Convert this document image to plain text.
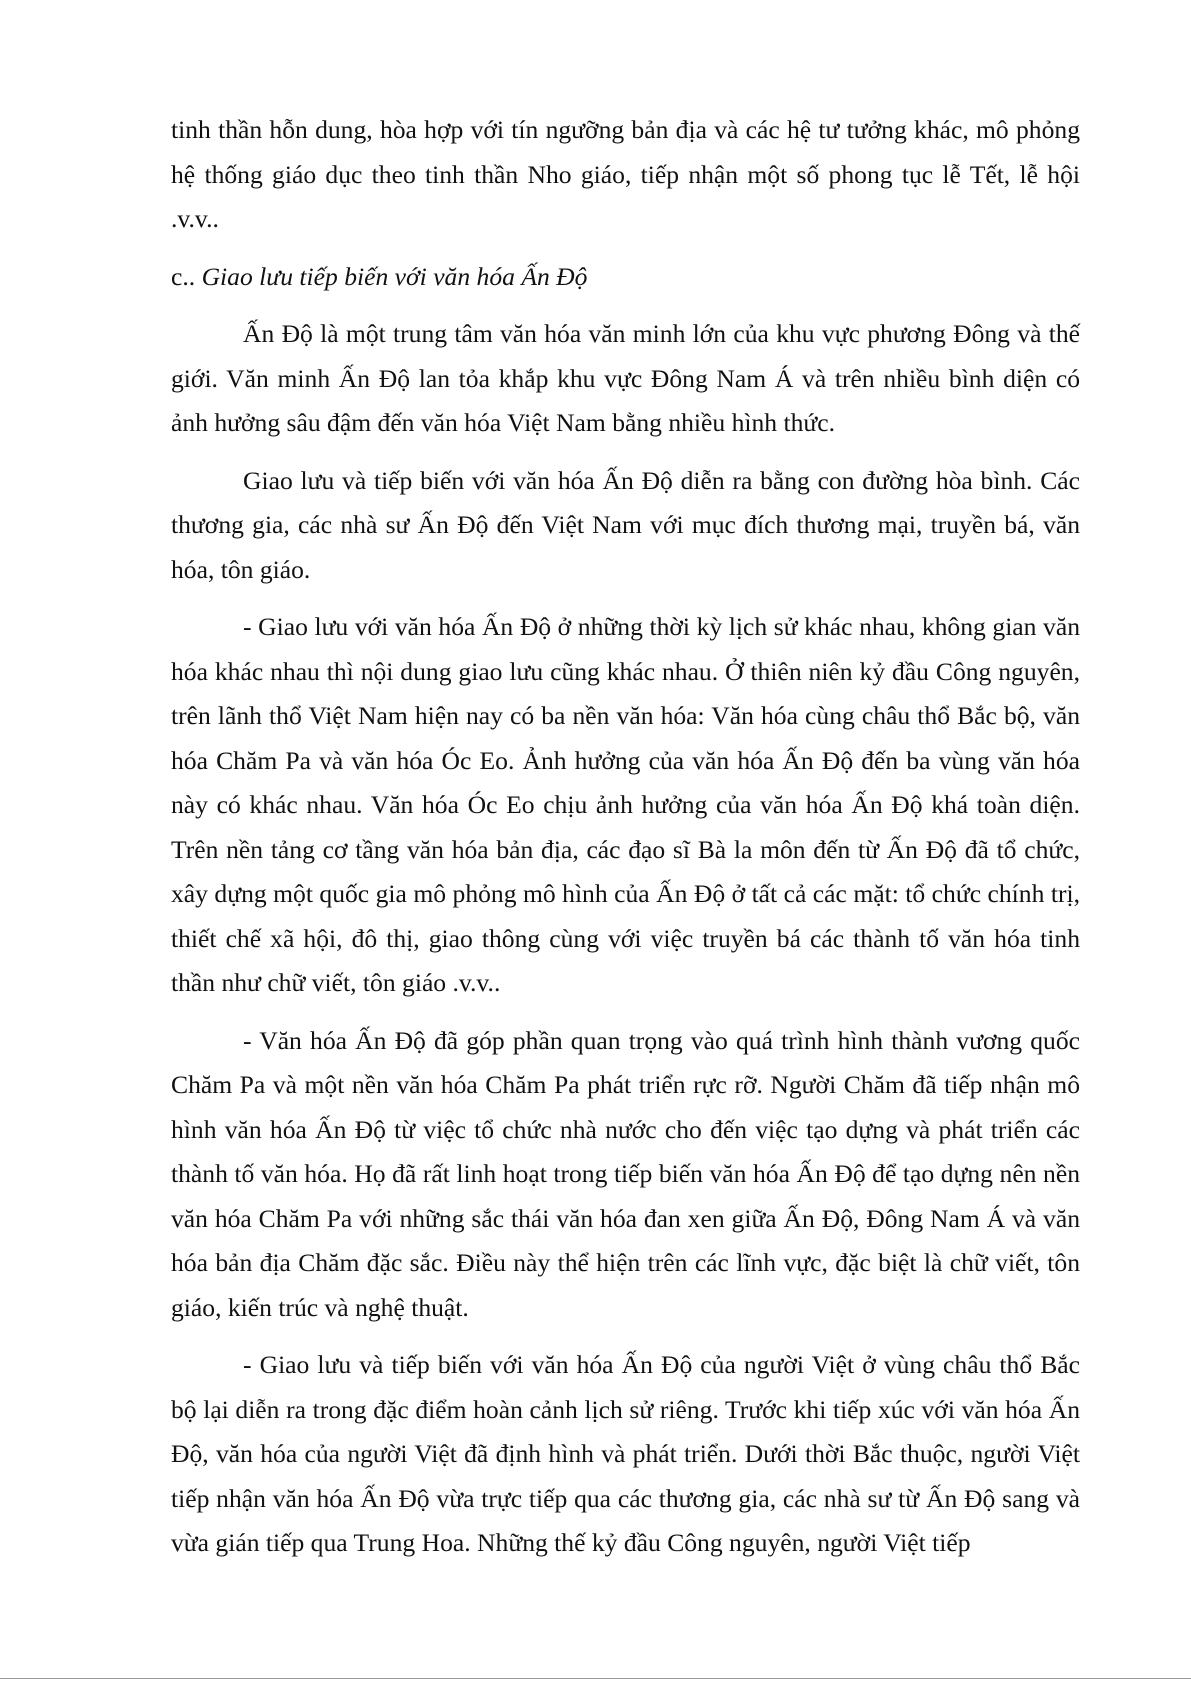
tinh thần hỗn dung, hòa hợp với tín ngưỡng bản địa và các hệ tư tưởng khác, mô phỏng hệ thống giáo dục theo tinh thần Nho giáo, tiếp nhận một số phong tục lễ Tết, lễ hội .v.v..

c.. Giao lưu tiếp biến với văn hóa Ấn Độ

Ấn Độ là một trung tâm văn hóa văn minh lớn của khu vực phương Đông và thế giới. Văn minh Ấn Độ lan tỏa khắp khu vực Đông Nam Á và trên nhiều bình diện có ảnh hưởng sâu đậm đến văn hóa Việt Nam bằng nhiều hình thức.

Giao lưu và tiếp biến với văn hóa Ấn Độ diễn ra bằng con đường hòa bình. Các thương gia, các nhà sư Ấn Độ đến Việt Nam với mục đích thương mại, truyền bá, văn hóa, tôn giáo.

- Giao lưu với văn hóa Ấn Độ ở những thời kỳ lịch sử khác nhau, không gian văn hóa khác nhau thì nội dung giao lưu cũng khác nhau. Ở thiên niên kỷ đầu Công nguyên, trên lãnh thổ Việt Nam hiện nay có ba nền văn hóa: Văn hóa cùng châu thổ Bắc bộ, văn hóa Chăm Pa và văn hóa Óc Eo. Ảnh hưởng của văn hóa Ấn Độ đến ba vùng văn hóa này có khác nhau. Văn hóa Óc Eo chịu ảnh hưởng của văn hóa Ấn Độ khá toàn diện. Trên nền tảng cơ tầng văn hóa bản địa, các đạo sĩ Bà la môn đến từ Ấn Độ đã tổ chức, xây dựng một quốc gia mô phỏng mô hình của Ấn Độ ở tất cả các mặt: tổ chức chính trị, thiết chế xã hội, đô thị, giao thông cùng với việc truyền bá các thành tố văn hóa tinh thần như chữ viết, tôn giáo .v.v..

- Văn hóa Ấn Độ đã góp phần quan trọng vào quá trình hình thành vương quốc Chăm Pa và một nền văn hóa Chăm Pa phát triển rực rỡ. Người Chăm đã tiếp nhận mô hình văn hóa Ấn Độ từ việc tổ chức nhà nước cho đến việc tạo dựng và phát triển các thành tố văn hóa. Họ đã rất linh hoạt trong tiếp biến văn hóa Ấn Độ để tạo dựng nên nền văn hóa Chăm Pa với những sắc thái văn hóa đan xen giữa Ấn Độ, Đông Nam Á và văn hóa bản địa Chăm đặc sắc. Điều này thể hiện trên các lĩnh vực, đặc biệt là chữ viết, tôn giáo, kiến trúc và nghệ thuật.

- Giao lưu và tiếp biến với văn hóa Ấn Độ của người Việt ở vùng châu thổ Bắc bộ lại diễn ra trong đặc điểm hoàn cảnh lịch sử riêng. Trước khi tiếp xúc với văn hóa Ấn Độ, văn hóa của người Việt đã định hình và phát triển. Dưới thời Bắc thuộc, người Việt tiếp nhận văn hóa Ấn Độ vừa trực tiếp qua các thương gia, các nhà sư từ Ấn Độ sang và vừa gián tiếp qua Trung Hoa. Những thế kỷ đầu Công nguyên, người Việt tiếp
